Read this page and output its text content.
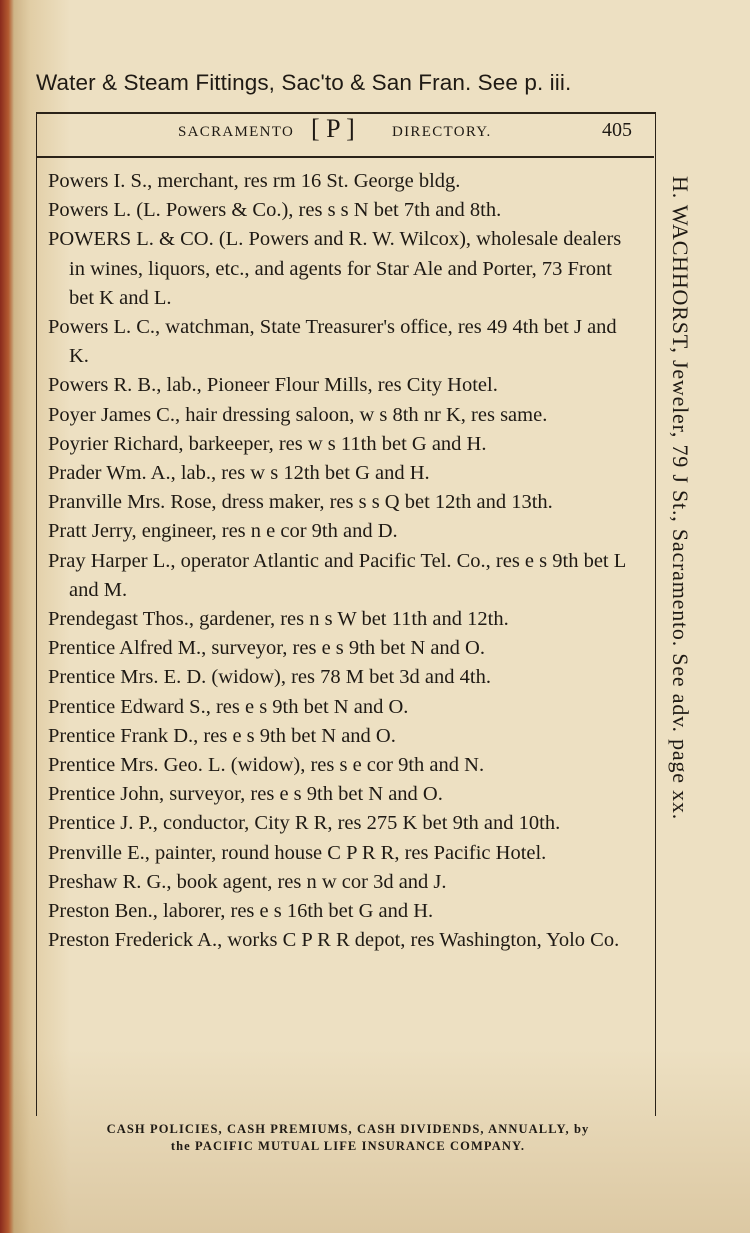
Water & Steam Fittings, Sac'to & San Fran. See p. iii.
SACRAMENTO [ P ] DIRECTORY.	405

Powers I. S., merchant, res rm 16 St. George bldg.

Powers L. (L. Powers & Co.), res s s N bet 7th and 8th.

POWERS L. & CO. (L. Powers and R. W. Wilcox), wholesale dealers in wines, liquors, etc., and agents for Star Ale and Porter, 73 Front bet K and L.

Powers L. C., watchman, State Treasurer's office, res 49 4th bet J and K.

Powers R. B., lab., Pioneer Flour Mills, res City Hotel.

Poyer James C., hair dressing saloon, w s 8th nr K, res same.

Poyrier Richard, barkeeper, res w s 11th bet G and H.

Prader Wm. A., lab., res w s 12th bet G and H.

Pranville Mrs. Rose, dress maker, res s s Q bet 12th and 13th.

Pratt Jerry, engineer, res n e cor 9th and D.

Pray Harper L., operator Atlantic and Pacific Tel. Co., res e s 9th bet L and M.

Prendegast Thos., gardener, res n s W bet 11th and 12th.

Prentice Alfred M., surveyor, res e s 9th bet N and O.

Prentice Mrs. E. D. (widow), res 78 M bet 3d and 4th.

Prentice Edward S., res e s 9th bet N and O.

Prentice Frank D., res e s 9th bet N and O.

Prentice Mrs. Geo. L. (widow), res s e cor 9th and N.

Prentice John, surveyor, res e s 9th bet N and O.

Prentice J. P., conductor, City R R, res 275 K bet 9th and 10th.

Prenville E., painter, round house C P R R, res Pacific Hotel.

Preshaw R. G., book agent, res n w cor 3d and J.

Preston Ben., laborer, res e s 16th bet G and H.

Preston Frederick A., works C P R R depot, res Washington, Yolo Co.

H. WACHHORST, Jeweler, 79 J St., Sacramento. See adv. page xx.
CASH POLICIES, CASH PREMIUMS, CASH DIVIDENDS, ANNUALLY, by
the PACIFIC MUTUAL LIFE INSURANCE COMPANY.
